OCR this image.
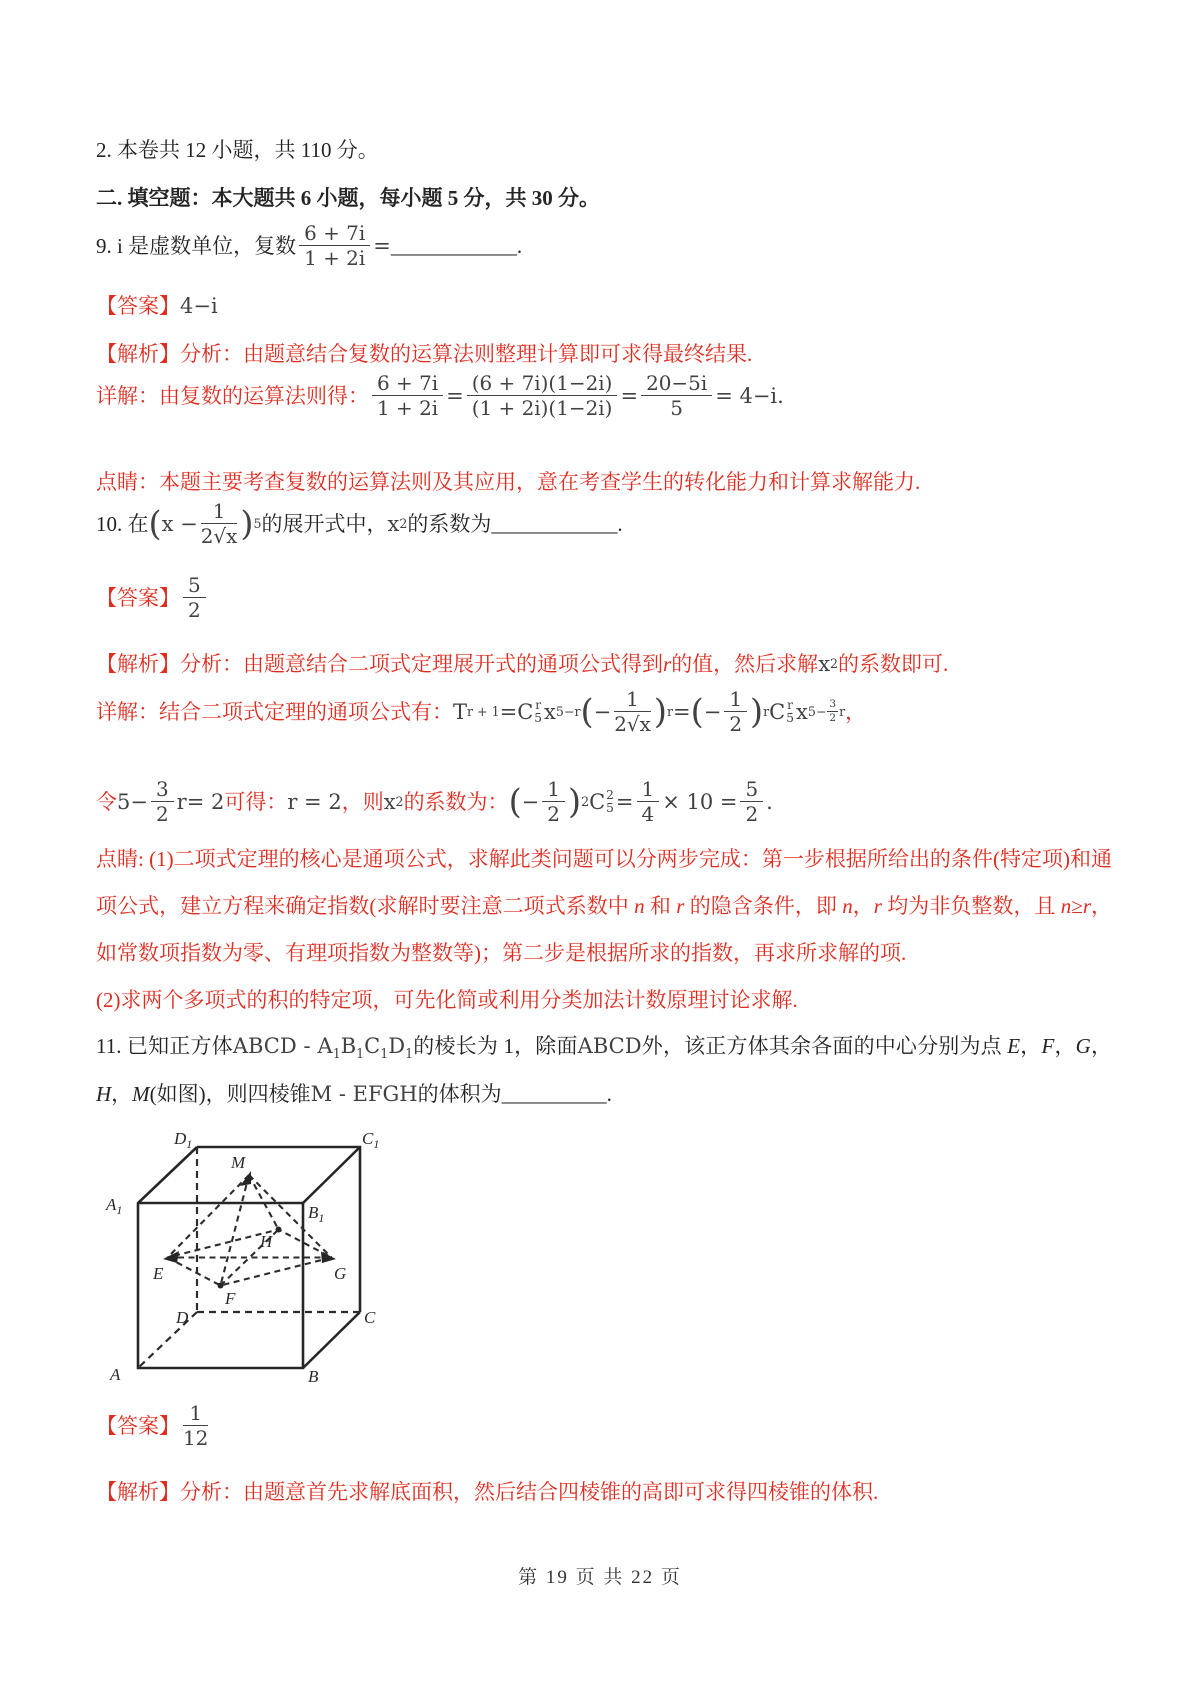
2. 本卷共 12 小题，共 110 分。
二. 填空题：本大题共 6 小题，每小题 5 分，共 30 分。
9. i 是虚数单位，复数 $\frac{6 + 7i}{1 + 2i}$ = ____________ .
【答案】 4−i
【解析】分析：由题意结合复数的运算法则整理计算即可求得最终结果.
详解：由复数的运算法则得： $\frac{6 + 7i}{1 + 2i} = \frac{(6 + 7i)(1-2i)}{(1 + 2i)(1-2i)} = \frac{20-5i}{5} = 4-i$.
点睛：本题主要考查复数的运算法则及其应用，意在考查学生的转化能力和计算求解能力.
10. 在 ( $x - \frac{1}{2√x}$ ) 5 的展开式中， x 2 的系数为 ____________ .
【答案】 $\frac{5}{2}$
【解析】分析：由题意结合二项式定理展开式的通项公式得到 r 的值，然后求解 x 2 的系数即可.
详解：结合二项式定理的通项公式有： T r + 1 = C r
5 x 5−r ( − $\frac{1}{2√x}$ ) r = ( − $\frac{1}{2}$ ) r C r
5 x $5- \frac{3}{2}$ r ，
令 $5- \frac{3}{2}$ r = 2 可得： r = 2 ，则 x 2 的系数为： ( − $\frac{1}{2}$ ) 2 C 2
$5 = \frac{1}{4} \times 10 = \frac{5}{2}$ .

点睛: (1)二项式定理的核心是通项公式，求解此类问题可以分两步完成：第一步根据所给出的条件(特定项)和通项公式，建立方程来确定指数(求解时要注意二项式系数中 n 和 r 的隐含条件，即 n，r 均为非负整数，且 n≥r，如常数项指数为零、有理项指数为整数等)；第二步是根据所求的指数，再求所求解的项.

(2)求两个多项式的积的特定项，可先化简或利用分类加法计数原理讨论求解.

11. 已知正方体ABCD - $A_1B_1C_1D_1$的棱长为 1，除面ABCD外，该正方体其余各面的中心分别为点 E，F，G，H，M(如图)，则四棱锥M - EFGH的体积为__________.
$D_1$	$C_1$
$A_1$	$B_1$
M
E
H
G
F
D	C
A	B
【答案】 $\frac{1}{12}$
【解析】分析：由题意首先求解底面积，然后结合四棱锥的高即可求得四棱锥的体积.
第 19 页 共 22 页
